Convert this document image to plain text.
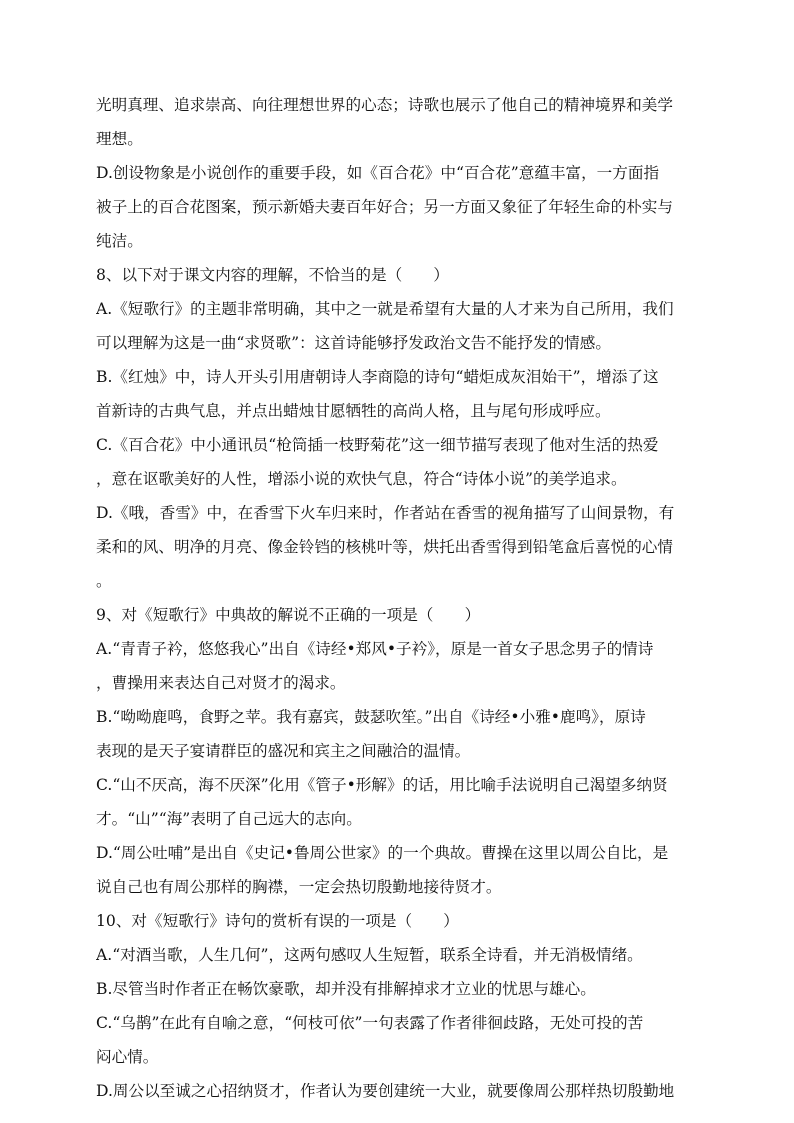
光明真理、追求崇高、向往理想世界的心态；诗歌也展示了他自己的精神境界和美学
理想。
D.创设物象是小说创作的重要手段，如《百合花》中“百合花”意蕴丰富，一方面指
被子上的百合花图案，预示新婚夫妻百年好合；另一方面又象征了年轻生命的朴实与
纯洁。
8、以下对于课文内容的理解，不恰当的是（　　）
A.《短歌行》的主题非常明确，其中之一就是希望有大量的人才来为自己所用，我们
可以理解为这是一曲“求贤歌”：这首诗能够抒发政治文告不能抒发的情感。
B.《红烛》中，诗人开头引用唐朝诗人李商隐的诗句“蜡炬成灰泪始干”，增添了这
首新诗的古典气息，并点出蜡烛甘愿牺牲的高尚人格，且与尾句形成呼应。
C.《百合花》中小通讯员“枪筒插一枝野菊花”这一细节描写表现了他对生活的热爱
，意在讴歌美好的人性，增添小说的欢快气息，符合“诗体小说”的美学追求。
D.《哦，香雪》中，在香雪下火车归来时，作者站在香雪的视角描写了山间景物，有
柔和的风、明净的月亮、像金铃铛的核桃叶等，烘托出香雪得到铅笔盒后喜悦的心情
。
9、对《短歌行》中典故的解说不正确的一项是（　　）
A.“青青子衿，悠悠我心”出自《诗经•郑风•子衿》，原是一首女子思念男子的情诗
，曹操用来表达自己对贤才的渴求。
B.“呦呦鹿鸣，食野之苹。我有嘉宾，鼓瑟吹笙。”出自《诗经•小雅•鹿鸣》，原诗
表现的是天子宴请群臣的盛况和宾主之间融洽的温情。
C.“山不厌高，海不厌深”化用《管子•形解》的话，用比喻手法说明自己渴望多纳贤
才。“山”“海”表明了自己远大的志向。
D.“周公吐哺”是出自《史记•鲁周公世家》的一个典故。曹操在这里以周公自比，是
说自己也有周公那样的胸襟，一定会热切殷勤地接待贤才。
10、对《短歌行》诗句的赏析有误的一项是（　　）
A.“对酒当歌，人生几何”，这两句感叹人生短暂，联系全诗看，并无消极情绪。
B.尽管当时作者正在畅饮豪歌，却并没有排解掉求才立业的忧思与雄心。
C.“乌鹊”在此有自喻之意，“何枝可依”一句表露了作者徘徊歧路，无处可投的苦
闷心情。
D.周公以至诚之心招纳贤才，作者认为要创建统一大业，就要像周公那样热切殷勤地
